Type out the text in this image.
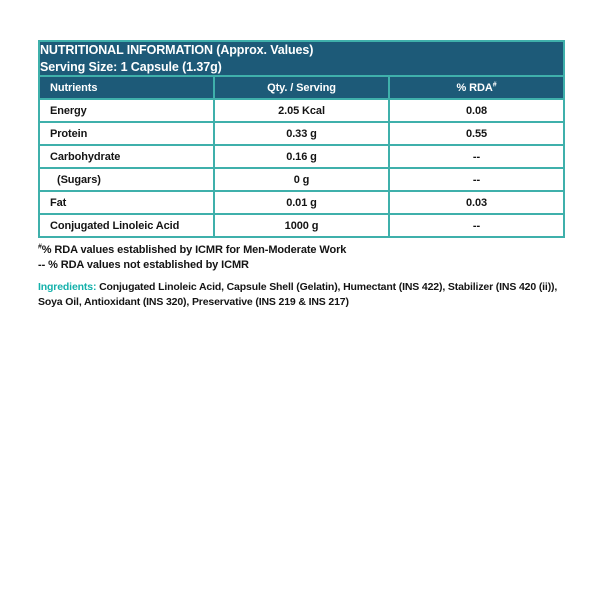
NUTRITIONAL INFORMATION (Approx. Values)
Serving Size: 1 Capsule (1.37g)		

Nutrients	Qty. / Serving	% RDA#
Energy	2.05 Kcal	0.08
Protein	0.33 g	0.55
Carbohydrate	0.16 g	--
(Sugars)	0 g	--
Fat	0.01 g	0.03
Conjugated Linoleic Acid	1000 g	--
#% RDA values established by ICMR for Men-Moderate Work
-- % RDA values not established by ICMR

Ingredients: Conjugated Linoleic Acid, Capsule Shell (Gelatin), Humectant (INS 422), Stabilizer (INS 420 (ii)), Soya Oil, Antioxidant (INS 320), Preservative (INS 219 & INS 217)
